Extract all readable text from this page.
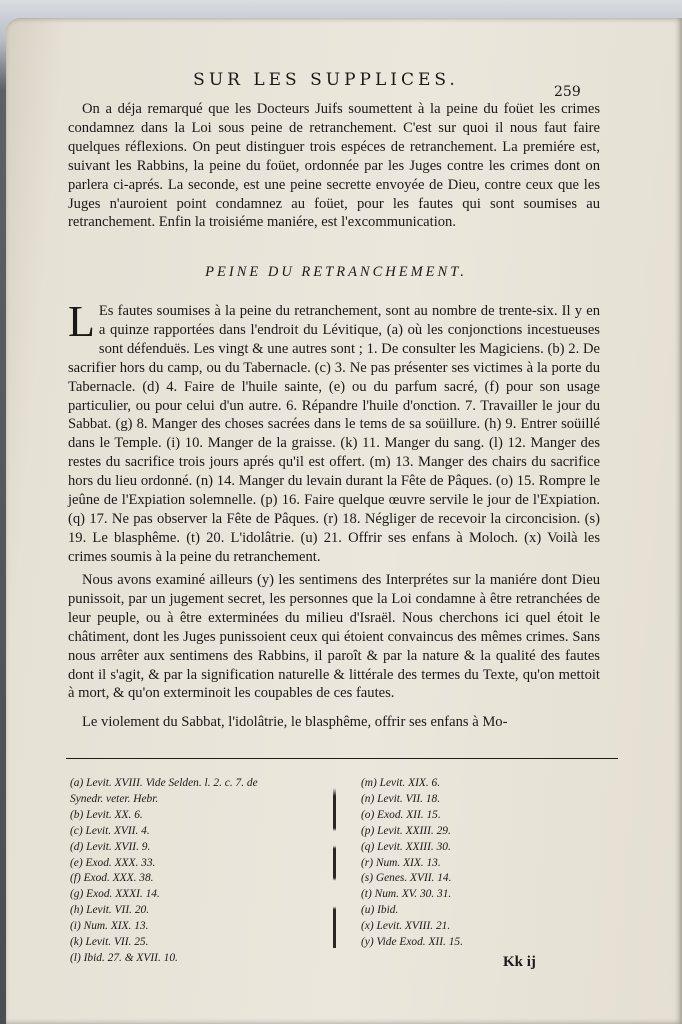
SUR LES SUPPLICES.
259

On a déja remarqué que les Docteurs Juifs soumettent à la peine du foüet les crimes condamnez dans la Loi sous peine de retranchement. C'est sur quoi il nous faut faire quelques réflexions. On peut distinguer trois espéces de retranchement. La premiére est, suivant les Rabbins, la peine du foüet, ordonnée par les Juges contre les crimes dont on parlera ci-aprés. La seconde, est une peine secrette envoyée de Dieu, contre ceux que les Juges n'auroient point condamnez au foüet, pour les fautes qui sont soumises au retranchement. Enfin la troisiéme maniére, est l'excommunication.

PEINE DU RETRANCHEMENT.
L Es fautes soumises à la peine du retranchement, sont au nombre de trente-six. Il y en a quinze rapportées dans l'endroit du Lévitique, (a) où les conjonctions incestueuses sont défenduës. Les vingt & une autres sont ; 1. De consulter les Magiciens. (b) 2. De sacrifier hors du camp, ou du Tabernacle. (c) 3. Ne pas présenter ses victimes à la porte du Tabernacle. (d) 4. Faire de l'huile sainte, (e) ou du parfum sacré, (f) pour son usage particulier, ou pour celui d'un autre. 6. Répandre l'huile d'onction. 7. Travailler le jour du Sabbat. (g) 8. Manger des choses sacrées dans le tems de sa soüillure. (h) 9. Entrer soüillé dans le Temple. (i) 10. Manger de la graisse. (k) 11. Manger du sang. (l) 12. Manger des restes du sacrifice trois jours aprés qu'il est offert. (m) 13. Manger des chairs du sacrifice hors du lieu ordonné. (n) 14. Manger du levain durant la Fête de Pâques. (o) 15. Rompre le jeûne de l'Expiation solemnelle. (p) 16. Faire quelque œuvre servile le jour de l'Expiation. (q) 17. Ne pas observer la Fête de Pâques. (r) 18. Négliger de recevoir la circoncision. (s) 19. Le blasphême. (t) 20. L'idolâtrie. (u) 21. Offrir ses enfans à Moloch. (x) Voilà les crimes soumis à la peine du retranchement.

Nous avons examiné ailleurs (y) les sentimens des Interprétes sur la maniére dont Dieu punissoit, par un jugement secret, les personnes que la Loi condamne à être retranchées de leur peuple, ou à être exterminées du milieu d'Israël. Nous cherchons ici quel étoit le châtiment, dont les Juges punissoient ceux qui étoient convaincus des mêmes crimes. Sans nous arrêter aux sentimens des Rabbins, il paroît & par la nature & la qualité des fautes dont il s'agit, & par la signification naturelle & littérale des termes du Texte, qu'on mettoit à mort, & qu'on exterminoit les coupables de ces fautes.

Le violement du Sabbat, l'idolâtrie, le blasphême, offrir ses enfans à Mo-

(a) Levit. XVIII. Vide Selden. l. 2. c. 7. de
Synedr. veter. Hebr.
(b) Levit. XX. 6.
(c) Levit. XVII. 4.
(d) Levit. XVII. 9.
(e) Exod. XXX. 33.
(f) Exod. XXX. 38.
(g) Exod. XXXI. 14.
(h) Levit. VII. 20.
(i) Num. XIX. 13.
(k) Levit. VII. 25.
(l) Ibid. 27. & XVII. 10.
(m) Levit. XIX. 6.
(n) Levit. VII. 18.
(o) Exod. XII. 15.
(p) Levit. XXIII. 29.
(q) Levit. XXIII. 30.
(r) Num. XIX. 13.
(s) Genes. XVII. 14.
(t) Num. XV. 30. 31.
(u) Ibid.
(x) Levit. XVIII. 21.
(y) Vide Exod. XII. 15.
Kk ij
